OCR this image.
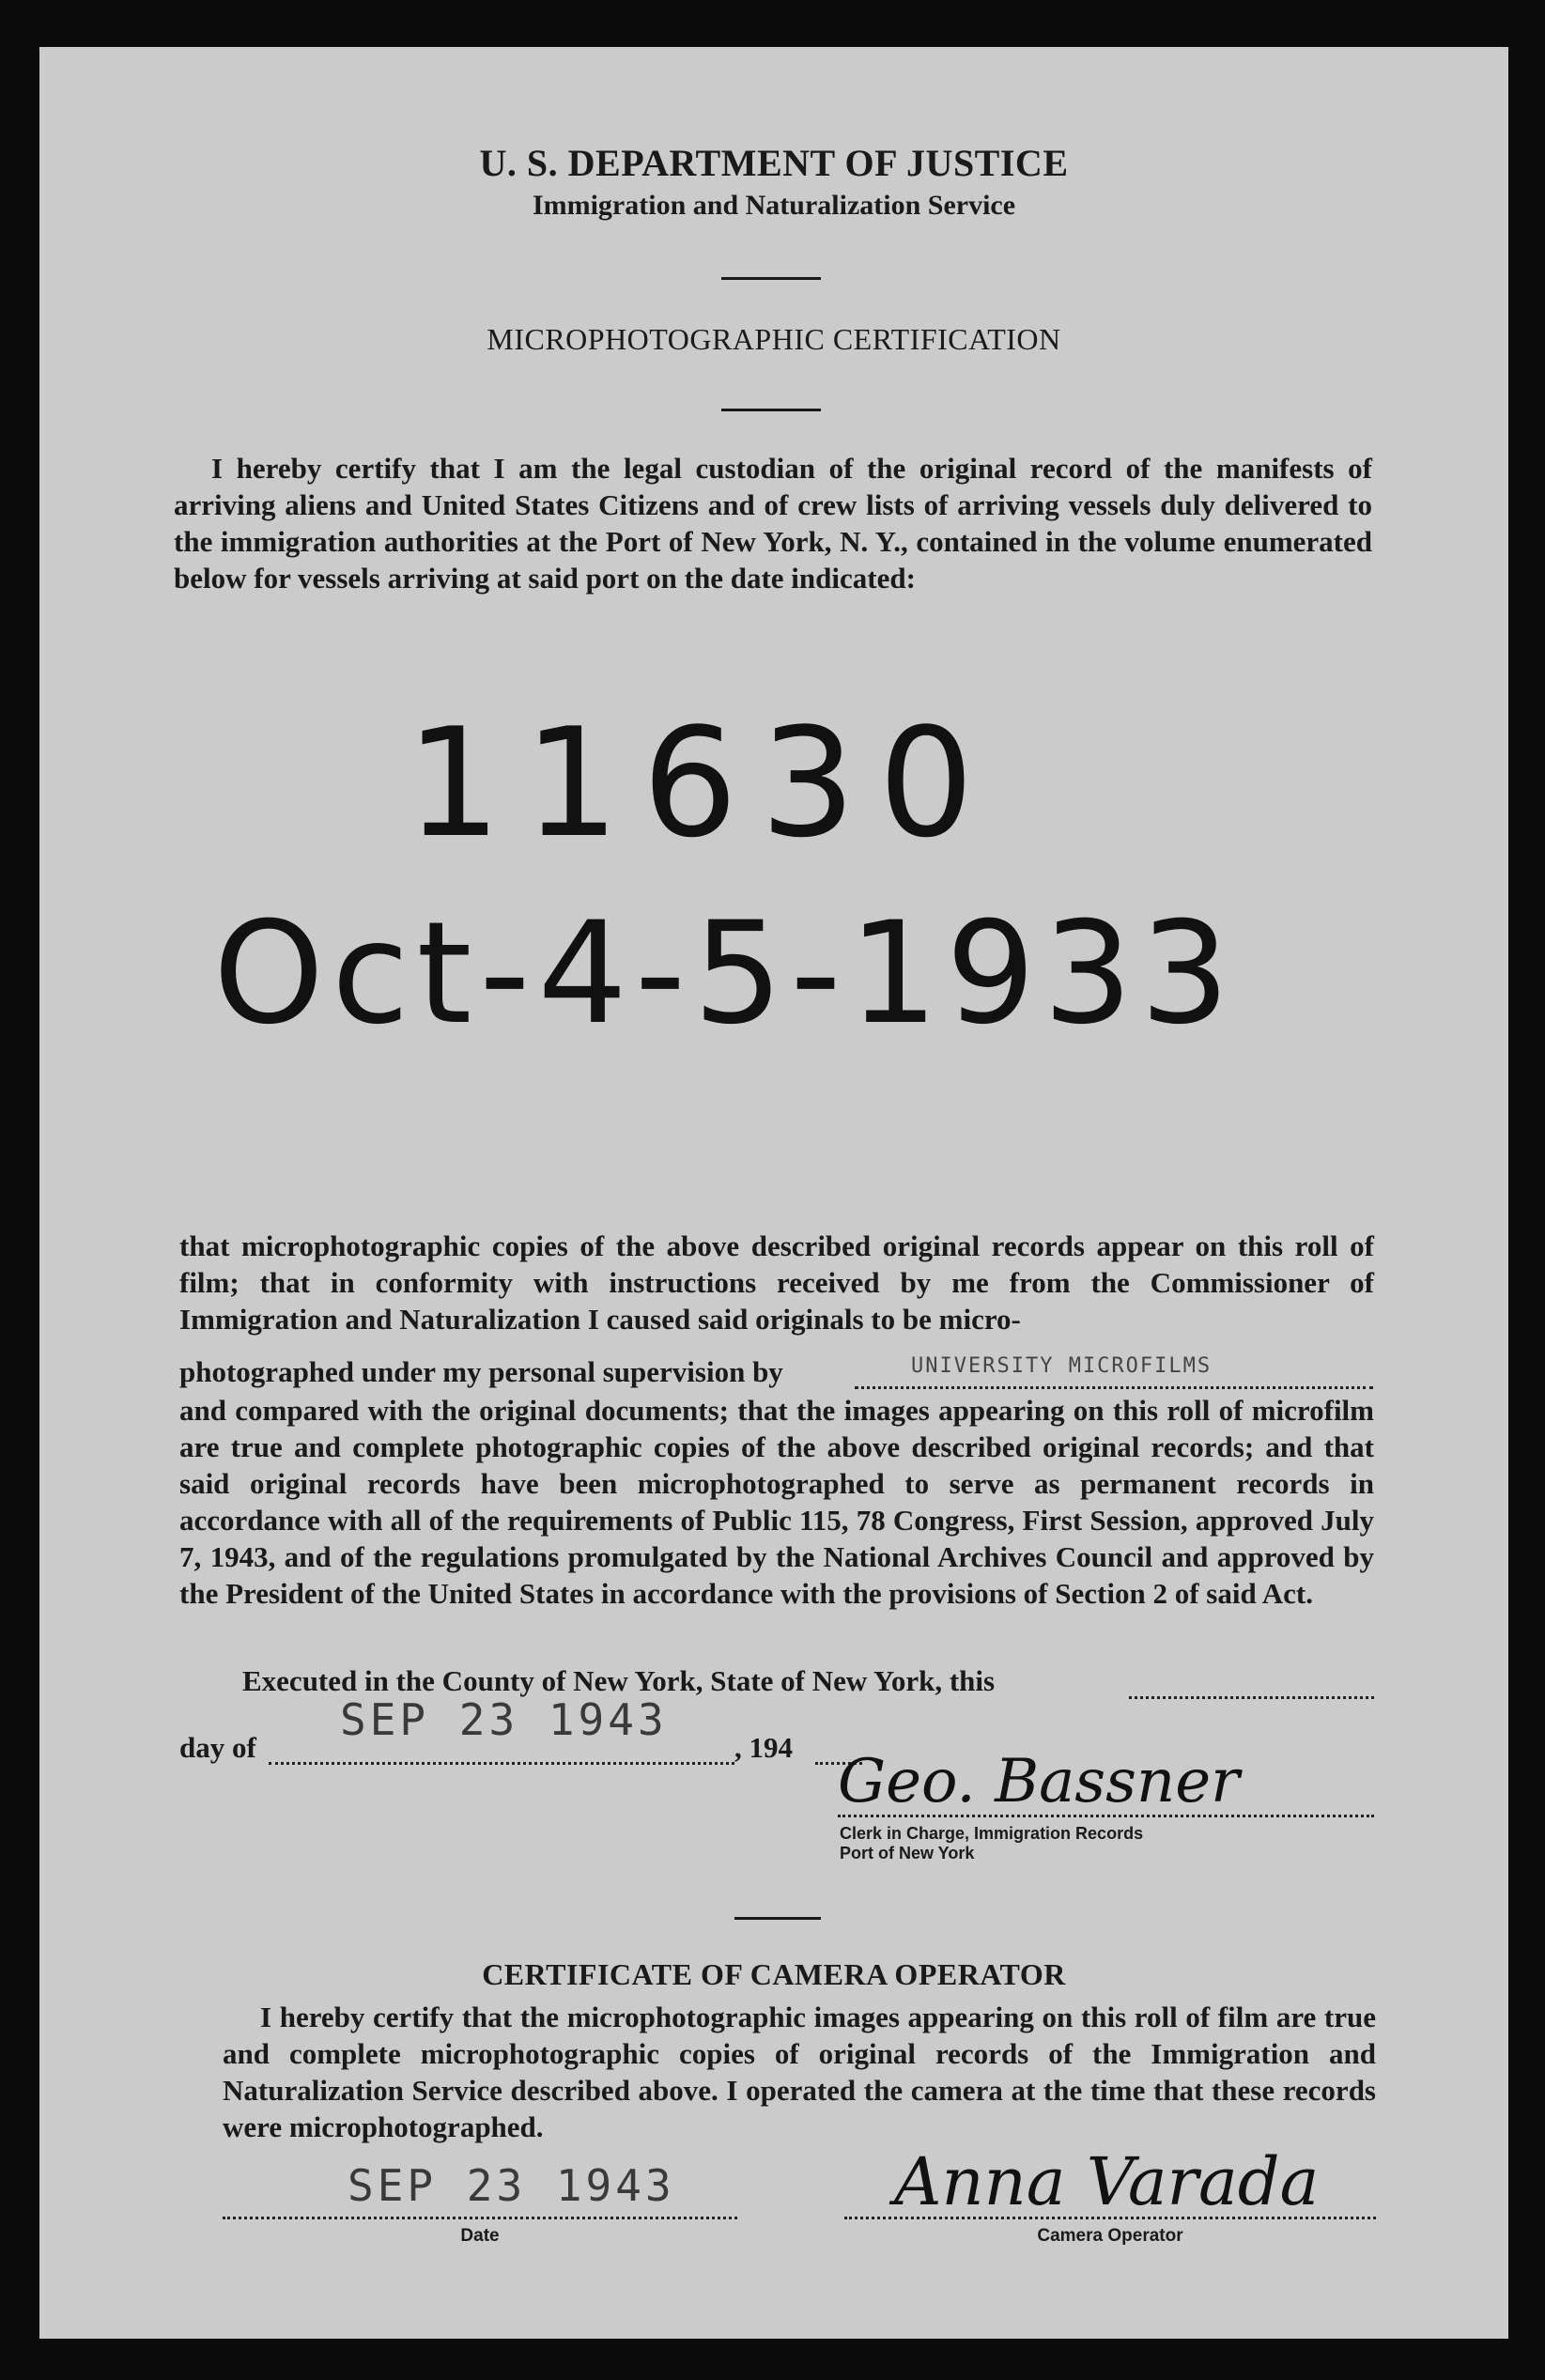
U. S. DEPARTMENT OF JUSTICE
Immigration and Naturalization Service
MICROPHOTOGRAPHIC CERTIFICATION

I hereby certify that I am the legal custodian of the original record of the manifests of arriving aliens and United States Citizens and of crew lists of arriving vessels duly delivered to the immigration authorities at the Port of New York, N. Y., contained in the volume enumerated below for vessels arriving at said port on the date indicated:

11630
Oct-4-5-1933

that microphotographic copies of the above described original records appear on this roll of film; that in conformity with instructions received by me from the Commissioner of Immigration and Naturalization I caused said originals to be micro-

photographed under my personal supervision by	UNIVERSITY MICROFILMS

and compared with the original documents; that the images appearing on this roll of microfilm are true and complete photographic copies of the above described original records; and that said original records have been microphotographed to serve as permanent records in accordance with all of the requirements of Public 115, 78 Congress, First Session, approved July 7, 1943, and of the regulations promulgated by the National Archives Council and approved by the President of the United States in accordance with the provisions of Section 2 of said Act.

Executed in the County of New York, State of New York, this
SEP 23 1943
day of	, 194 Geo. Bassner
Clerk in Charge, Immigration Records
Port of New York
CERTIFICATE OF CAMERA OPERATOR

I hereby certify that the microphotographic images appearing on this roll of film are true and complete microphotographic copies of original records of the Immigration and Naturalization Service described above. I operated the camera at the time that these records were microphotographed.

SEP 23 1943
Date
Anna Varada
Camera Operator
